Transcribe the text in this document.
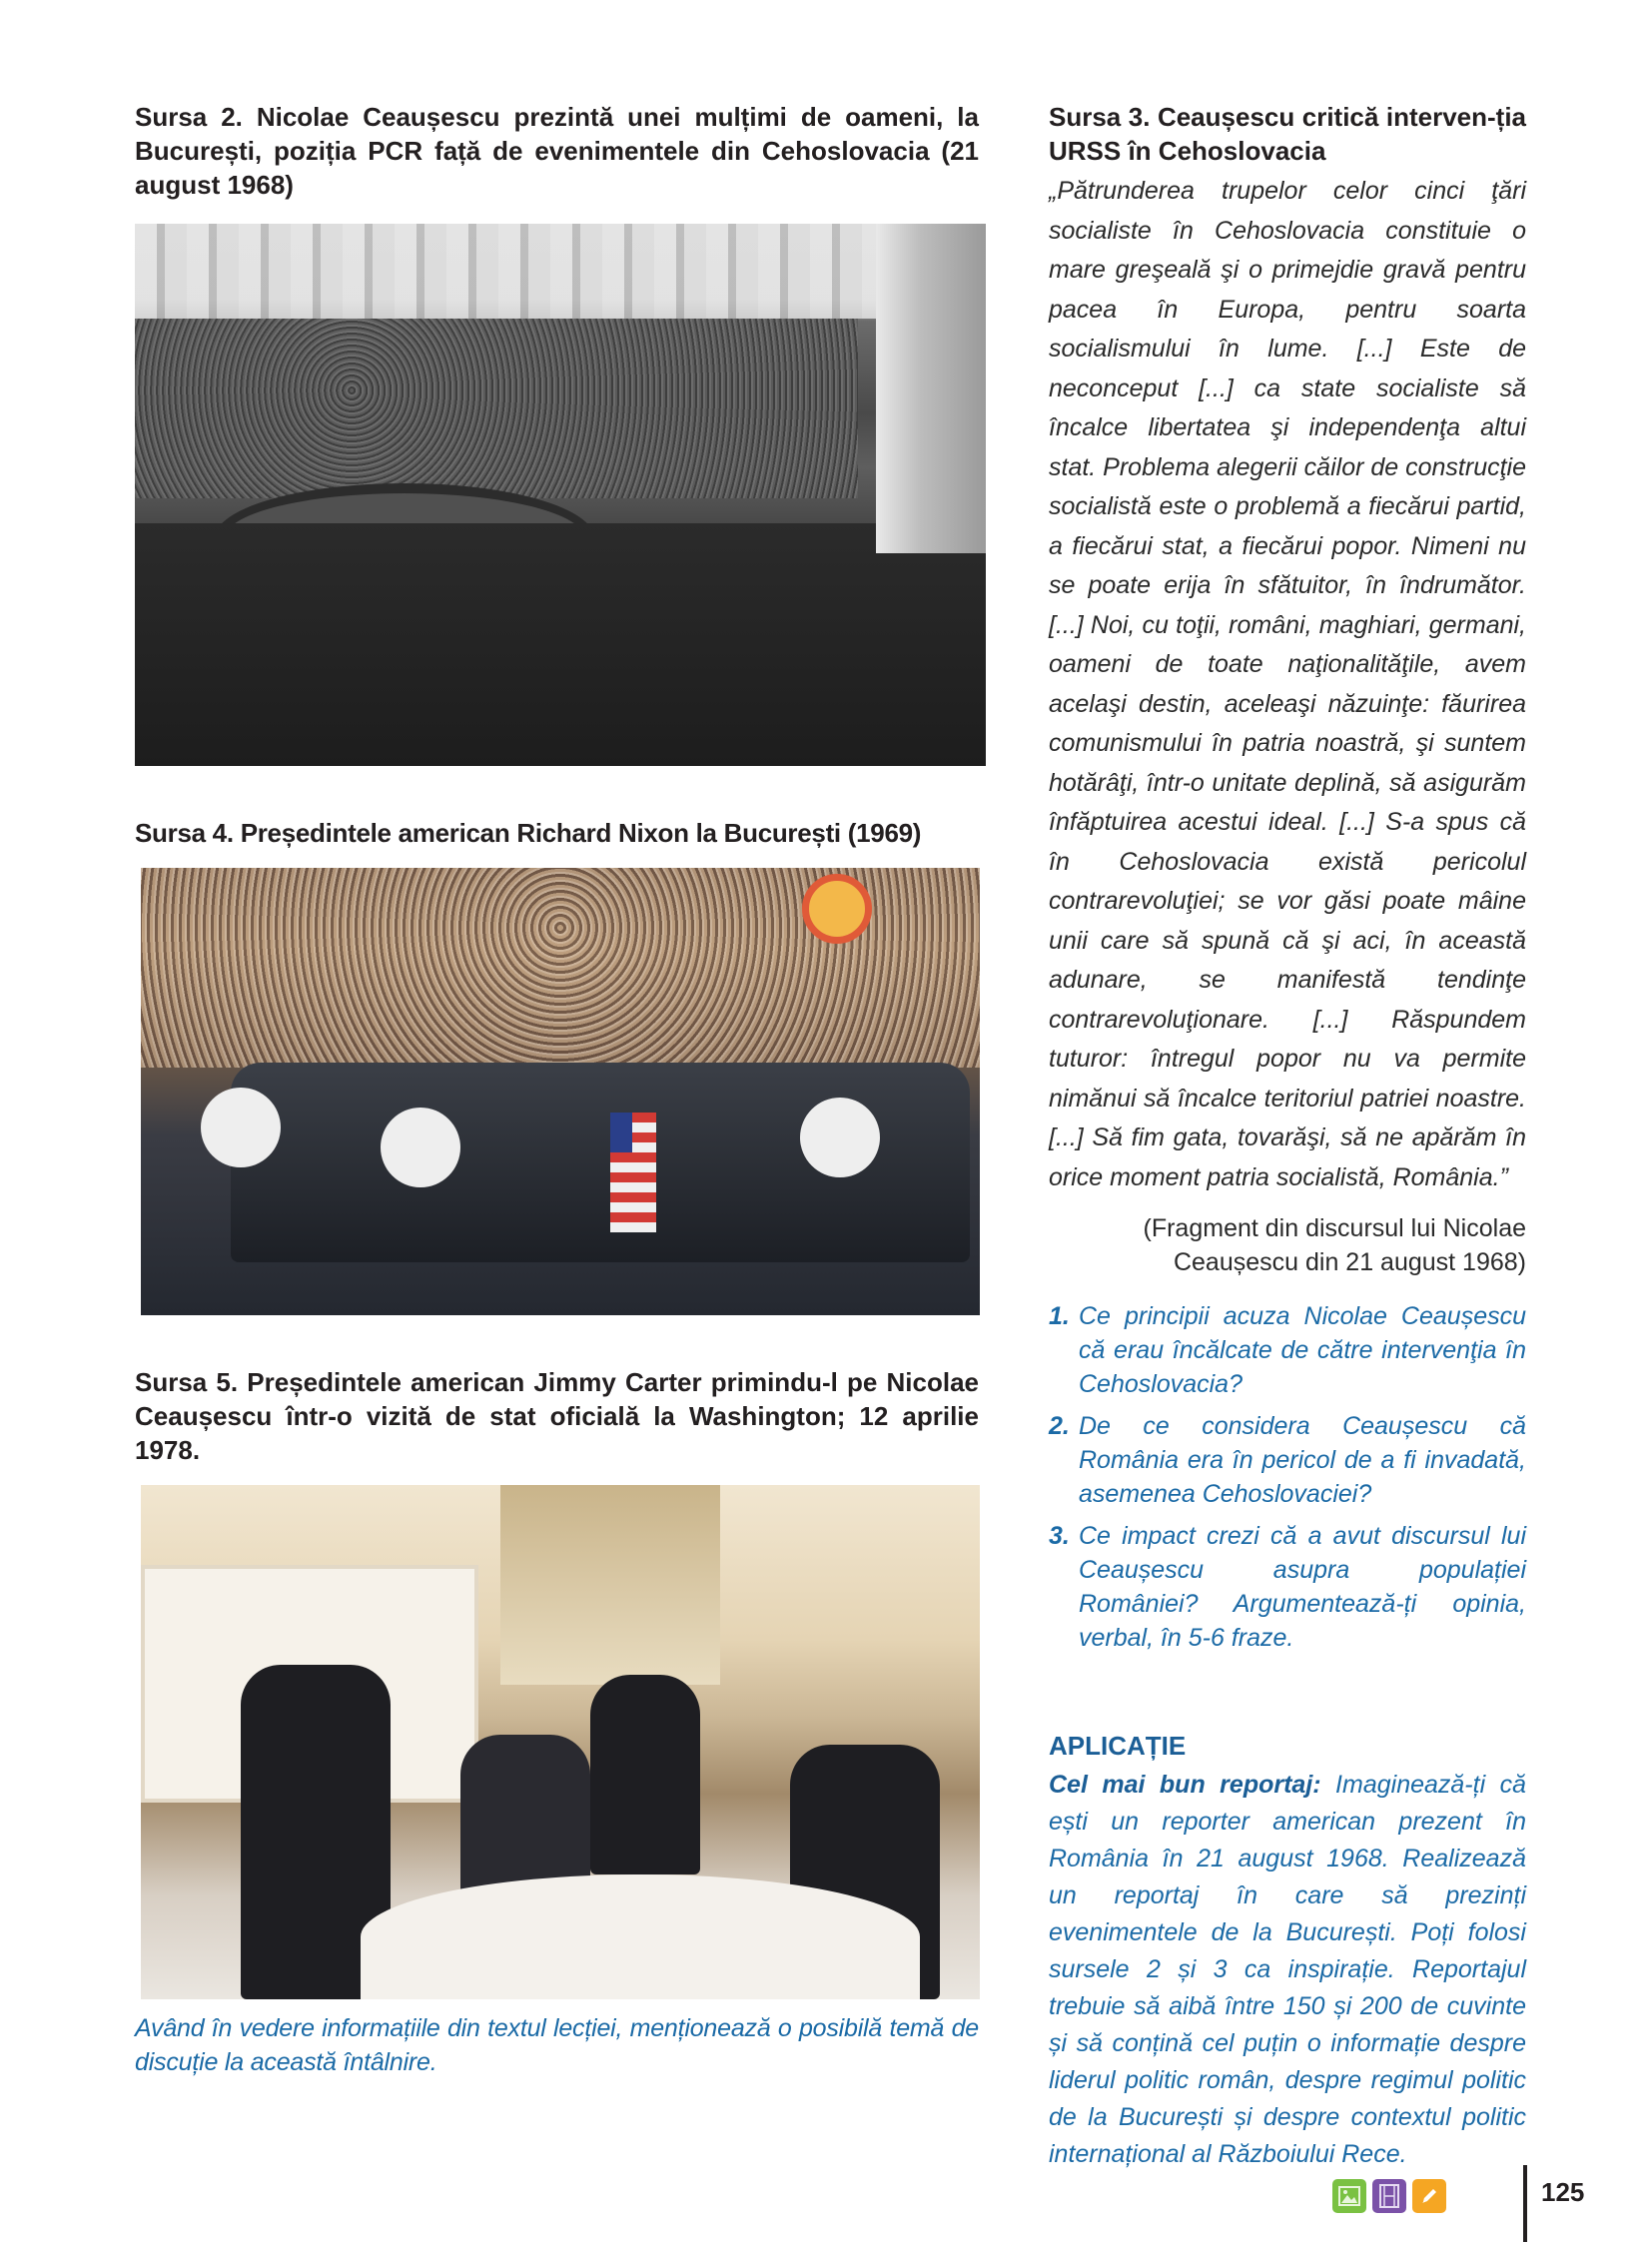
Sursa 2. Nicolae Ceaușescu prezintă unei mulțimi de oameni, la București, poziția PCR față de evenimentele din Cehoslovacia (21 august 1968)

Sursa 4. Președintele american Richard Nixon la București (1969)

Sursa 5. Președintele american Jimmy Carter primindu-l pe Nicolae Ceaușescu într-o vizită de stat oficială la Washington; 12 aprilie 1978.

Având în vedere informațiile din textul lecției, menționează o posibilă temă de discuție la această întâlnire.

Sursa 3. Ceaușescu critică interven-ția URSS în Cehoslovacia

„Pătrunderea trupelor celor cinci ţări socialiste în Cehoslovacia constituie o mare greşeală şi o primejdie gravă pentru pacea în Europa, pentru soarta socialismului în lume. [...] Este de neconceput [...] ca state socialiste să încalce libertatea şi independenţa altui stat. Problema alegerii căilor de construcţie socialistă este o problemă a fiecărui partid, a fiecărui stat, a fiecărui popor. Nimeni nu se poate erija în sfătuitor, în îndrumător. [...] Noi, cu toţii, români, maghiari, germani, oameni de toate naţionalităţile, avem acelaşi destin, aceleaşi năzuinţe: făurirea comunismului în patria noastră, şi suntem hotărâţi, într-o unitate deplină, să asigurăm înfăptuirea acestui ideal. [...] S-a spus că în Cehoslovacia există pericolul contrarevoluţiei; se vor găsi poate mâine unii care să spună că şi aci, în această adunare, se manifestă tendinţe contrarevoluţionare. [...] Răspundem tuturor: întregul popor nu va permite nimănui să încalce teritoriul patriei noastre. [...] Să fim gata, tovarăşi, să ne apărăm în orice moment patria socialistă, România.”

(Fragment din discursul lui Nicolae Ceaușescu din 21 august 1968)

1. Ce principii acuza Nicolae Ceaușescu că erau încălcate de către intervenţia în Cehoslovacia?
2. De ce considera Ceaușescu că România era în pericol de a fi invadată, asemenea Cehoslovaciei?
3. Ce impact crezi că a avut discursul lui Ceaușescu asupra populației României? Argumentează-ți opinia, verbal, în 5-6 fraze.
APLICAȚIE

Cel mai bun reportaj: Imaginează-ți că ești un reporter american prezent în România în 21 august 1968. Realizează un reportaj în care să prezinți evenimentele de la București. Poți folosi sursele 2 și 3 ca inspirație. Reportajul trebuie să aibă între 150 și 200 de cuvinte și să conțină cel puțin o informație despre liderul politic român, despre regimul politic de la București și despre contextul politic internațional al Războiului Rece.

125
